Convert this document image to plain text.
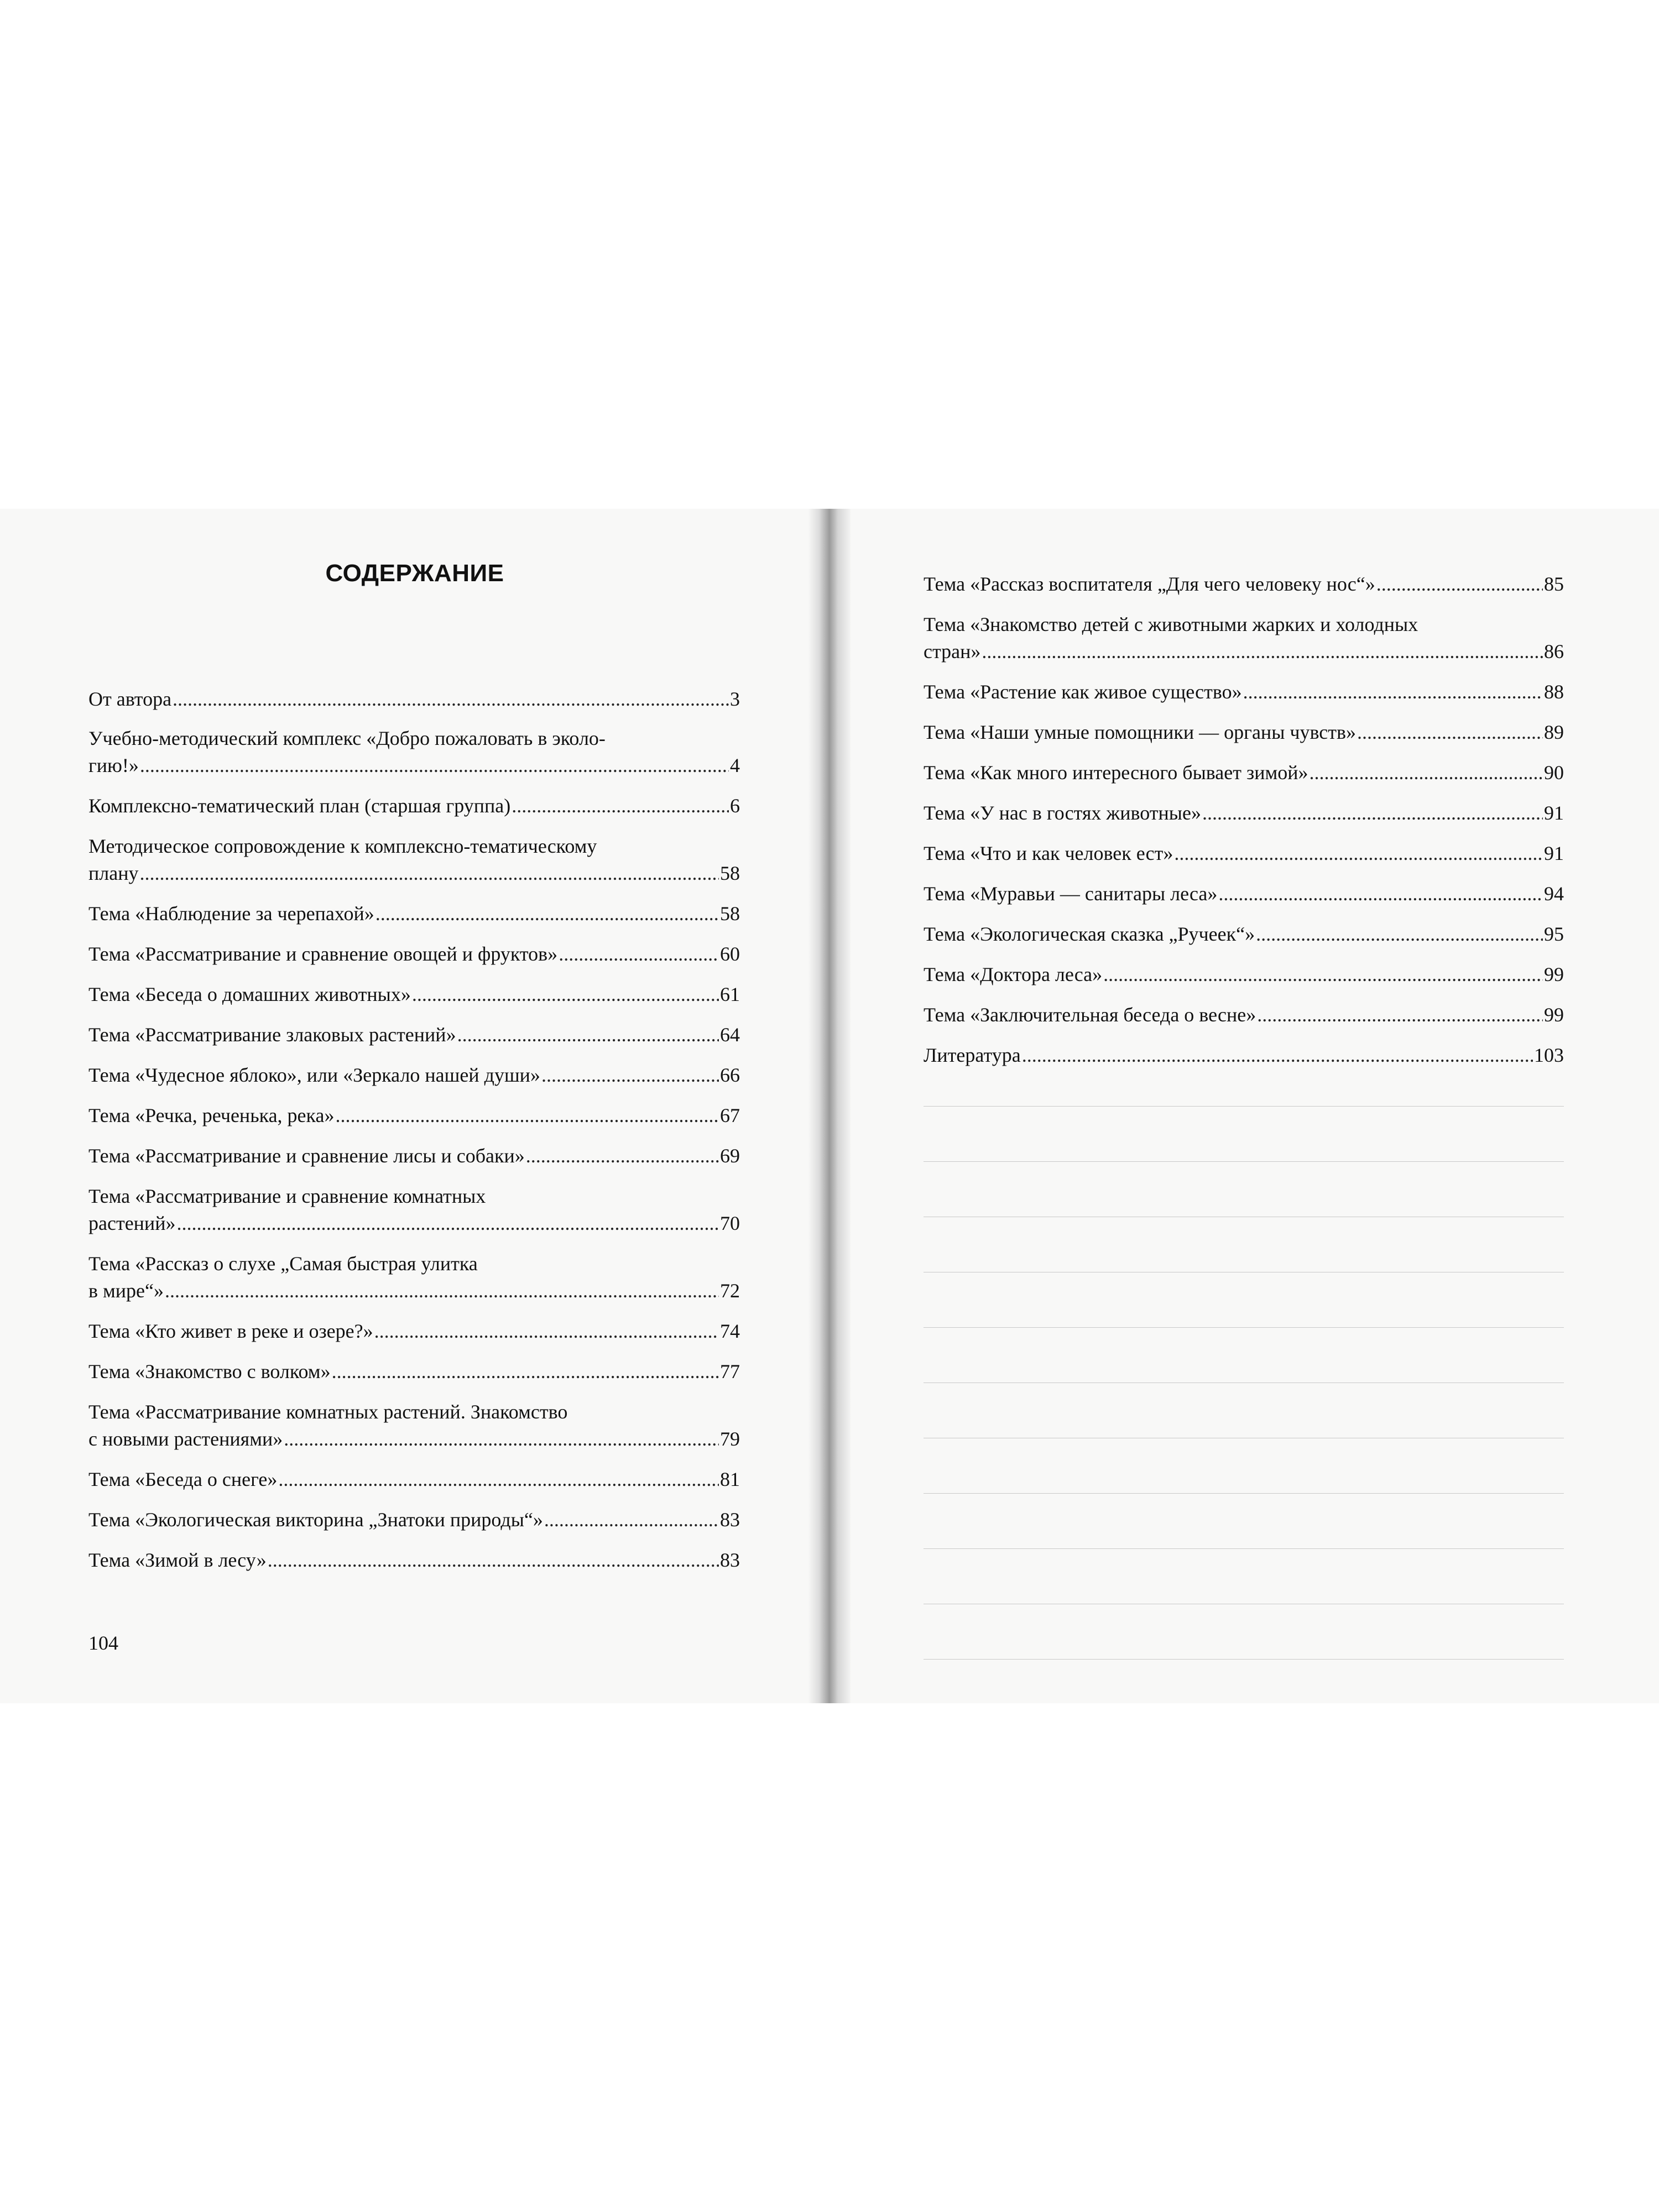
СОДЕРЖАНИЕ
От автора .....	3
Учебно-методический комплекс «Добро пожаловать в эколо-
гию!» .....	4
Комплексно-тематический план (старшая группа) .....	6
Методическое сопровождение к комплексно-тематическому
плану .....	58
Тема «Наблюдение за черепахой» .....	58
Тема «Рассматривание и сравнение овощей и фруктов» .....	60
Тема «Беседа о домашних животных» .....	61
Тема «Рассматривание злаковых растений» .....	64
Тема «Чудесное яблоко», или «Зеркало нашей души» .....	66
Тема «Речка, реченька, река» .....	67
Тема «Рассматривание и сравнение лисы и собаки» .....	69
Тема «Рассматривание и сравнение комнатных
растений» .....	70
Тема «Рассказ о слухе „Самая быстрая улитка
в мире“» .....	72
Тема «Кто живет в реке и озере?» .....	74
Тема «Знакомство с волком» .....	77
Тема «Рассматривание комнатных растений. Знакомство
с новыми растениями» .....	79
Тема «Беседа о снеге» .....	81
Тема «Экологическая викторина „Знатоки природы“» .....	83
Тема «Зимой в лесу» .....	83
104
Тема «Рассказ воспитателя „Для чего человеку нос“» .....	85
Тема «Знакомство детей с животными жарких и холодных
стран» .....	86
Тема «Растение как живое существо» .....	88
Тема «Наши умные помощники — органы чувств» .....	89
Тема «Как много интересного бывает зимой» .....	90
Тема «У нас в гостях животные» .....	91
Тема «Что и как человек ест» .....	91
Тема «Муравьи — санитары леса» .....	94
Тема «Экологическая сказка „Ручеек“» .....	95
Тема «Доктора леса» .....	99
Тема «Заключительная беседа о весне» .....	99
Литература .....	103
